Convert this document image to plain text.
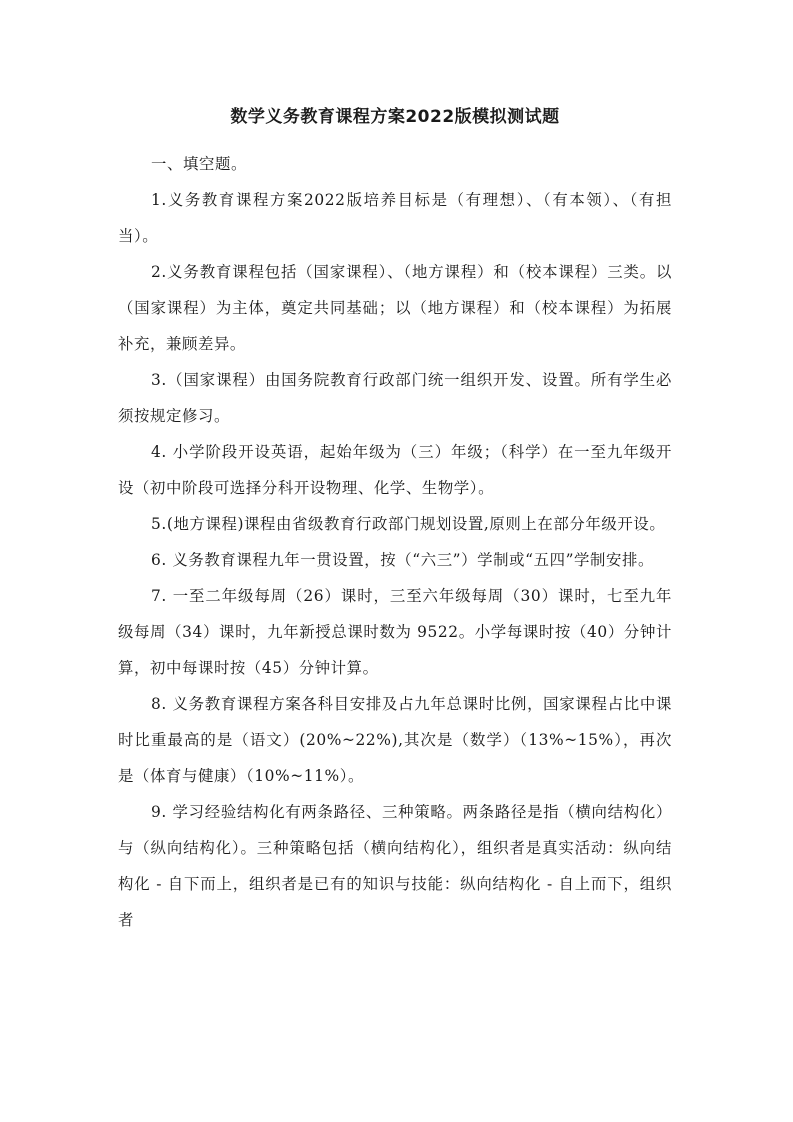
数学义务教育课程方案2022版模拟测试题

一、填空题。

1.义务教育课程方案2022版培养目标是（有理想）、（有本领）、（有担当）。

2.义务教育课程包括（国家课程）、（地方课程）和（校本课程）三类。以（国家课程）为主体，奠定共同基础；以（地方课程）和（校本课程）为拓展补充，兼顾差异。

3.（国家课程）由国务院教育行政部门统一组织开发、设置。所有学生必须按规定修习。

4. 小学阶段开设英语，起始年级为（三）年级；（科学）在一至九年级开设（初中阶段可选择分科开设物理、化学、生物学）。

5.(地方课程)课程由省级教育行政部门规划设置,原则上在部分年级开设。

6. 义务教育课程九年一贯设置，按（“六三”）学制或“五四”学制安排。

7. 一至二年级每周（26）课时，三至六年级每周（30）课时，七至九年级每周（34）课时，九年新授总课时数为 9522。小学每课时按（40）分钟计算，初中每课时按（45）分钟计算。

8. 义务教育课程方案各科目安排及占九年总课时比例，国家课程占比中课时比重最高的是（语文）(20%~22%),其次是（数学）（13%~15%），再次是（体育与健康）（10%~11%）。

9. 学习经验结构化有两条路径、三种策略。两条路径是指（横向结构化）与（纵向结构化）。三种策略包括（横向结构化），组织者是真实活动：纵向结构化 - 自下而上，组织者是已有的知识与技能：纵向结构化 - 自上而下，组织者
